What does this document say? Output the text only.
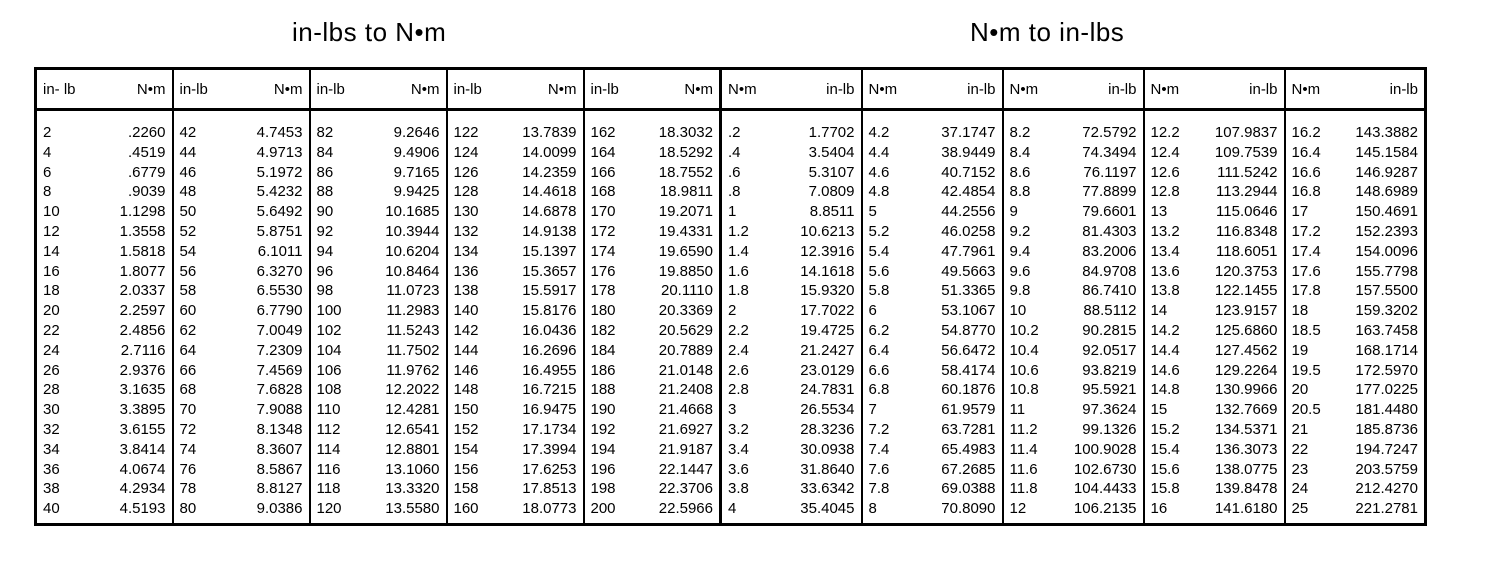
in-lbs to N•m	N•m to in-lbs
in- lb	N•m	in-lb	N•m	in-lb	N•m	in-lb	N•m	in-lb	N•m	N•m	in-lb	N•m	in-lb	N•m	in-lb	N•m	in-lb	N•m	in-lb

2	.2260	42	4.7453	82	9.2646	122	13.7839	162	18.3032	.2	1.7702	4.2	37.1747	8.2	72.5792	12.2	107.9837	16.2	143.3882
4	.4519	44	4.9713	84	9.4906	124	14.0099	164	18.5292	.4	3.5404	4.4	38.9449	8.4	74.3494	12.4	109.7539	16.4	145.1584
6	.6779	46	5.1972	86	9.7165	126	14.2359	166	18.7552	.6	5.3107	4.6	40.7152	8.6	76.1197	12.6	111.5242	16.6	146.9287
8	.9039	48	5.4232	88	9.9425	128	14.4618	168	18.9811	.8	7.0809	4.8	42.4854	8.8	77.8899	12.8	113.2944	16.8	148.6989
10	1.1298	50	5.6492	90	10.1685	130	14.6878	170	19.2071	1	8.8511	5	44.2556	9	79.6601	13	115.0646	17	150.4691
12	1.3558	52	5.8751	92	10.3944	132	14.9138	172	19.4331	1.2	10.6213	5.2	46.0258	9.2	81.4303	13.2	116.8348	17.2	152.2393
14	1.5818	54	6.1011	94	10.6204	134	15.1397	174	19.6590	1.4	12.3916	5.4	47.7961	9.4	83.2006	13.4	118.6051	17.4	154.0096
16	1.8077	56	6.3270	96	10.8464	136	15.3657	176	19.8850	1.6	14.1618	5.6	49.5663	9.6	84.9708	13.6	120.3753	17.6	155.7798
18	2.0337	58	6.5530	98	11.0723	138	15.5917	178	20.1110	1.8	15.9320	5.8	51.3365	9.8	86.7410	13.8	122.1455	17.8	157.5500
20	2.2597	60	6.7790	100	11.2983	140	15.8176	180	20.3369	2	17.7022	6	53.1067	10	88.5112	14	123.9157	18	159.3202
22	2.4856	62	7.0049	102	11.5243	142	16.0436	182	20.5629	2.2	19.4725	6.2	54.8770	10.2	90.2815	14.2	125.6860	18.5	163.7458
24	2.7116	64	7.2309	104	11.7502	144	16.2696	184	20.7889	2.4	21.2427	6.4	56.6472	10.4	92.0517	14.4	127.4562	19	168.1714
26	2.9376	66	7.4569	106	11.9762	146	16.4955	186	21.0148	2.6	23.0129	6.6	58.4174	10.6	93.8219	14.6	129.2264	19.5	172.5970
28	3.1635	68	7.6828	108	12.2022	148	16.7215	188	21.2408	2.8	24.7831	6.8	60.1876	10.8	95.5921	14.8	130.9966	20	177.0225
30	3.3895	70	7.9088	110	12.4281	150	16.9475	190	21.4668	3	26.5534	7	61.9579	11	97.3624	15	132.7669	20.5	181.4480
32	3.6155	72	8.1348	112	12.6541	152	17.1734	192	21.6927	3.2	28.3236	7.2	63.7281	11.2	99.1326	15.2	134.5371	21	185.8736
34	3.8414	74	8.3607	114	12.8801	154	17.3994	194	21.9187	3.4	30.0938	7.4	65.4983	11.4	100.9028	15.4	136.3073	22	194.7247
36	4.0674	76	8.5867	116	13.1060	156	17.6253	196	22.1447	3.6	31.8640	7.6	67.2685	11.6	102.6730	15.6	138.0775	23	203.5759
38	4.2934	78	8.8127	118	13.3320	158	17.8513	198	22.3706	3.8	33.6342	7.8	69.0388	11.8	104.4433	15.8	139.8478	24	212.4270
40	4.5193	80	9.0386	120	13.5580	160	18.0773	200	22.5966	4	35.4045	8	70.8090	12	106.2135	16	141.6180	25	221.2781
